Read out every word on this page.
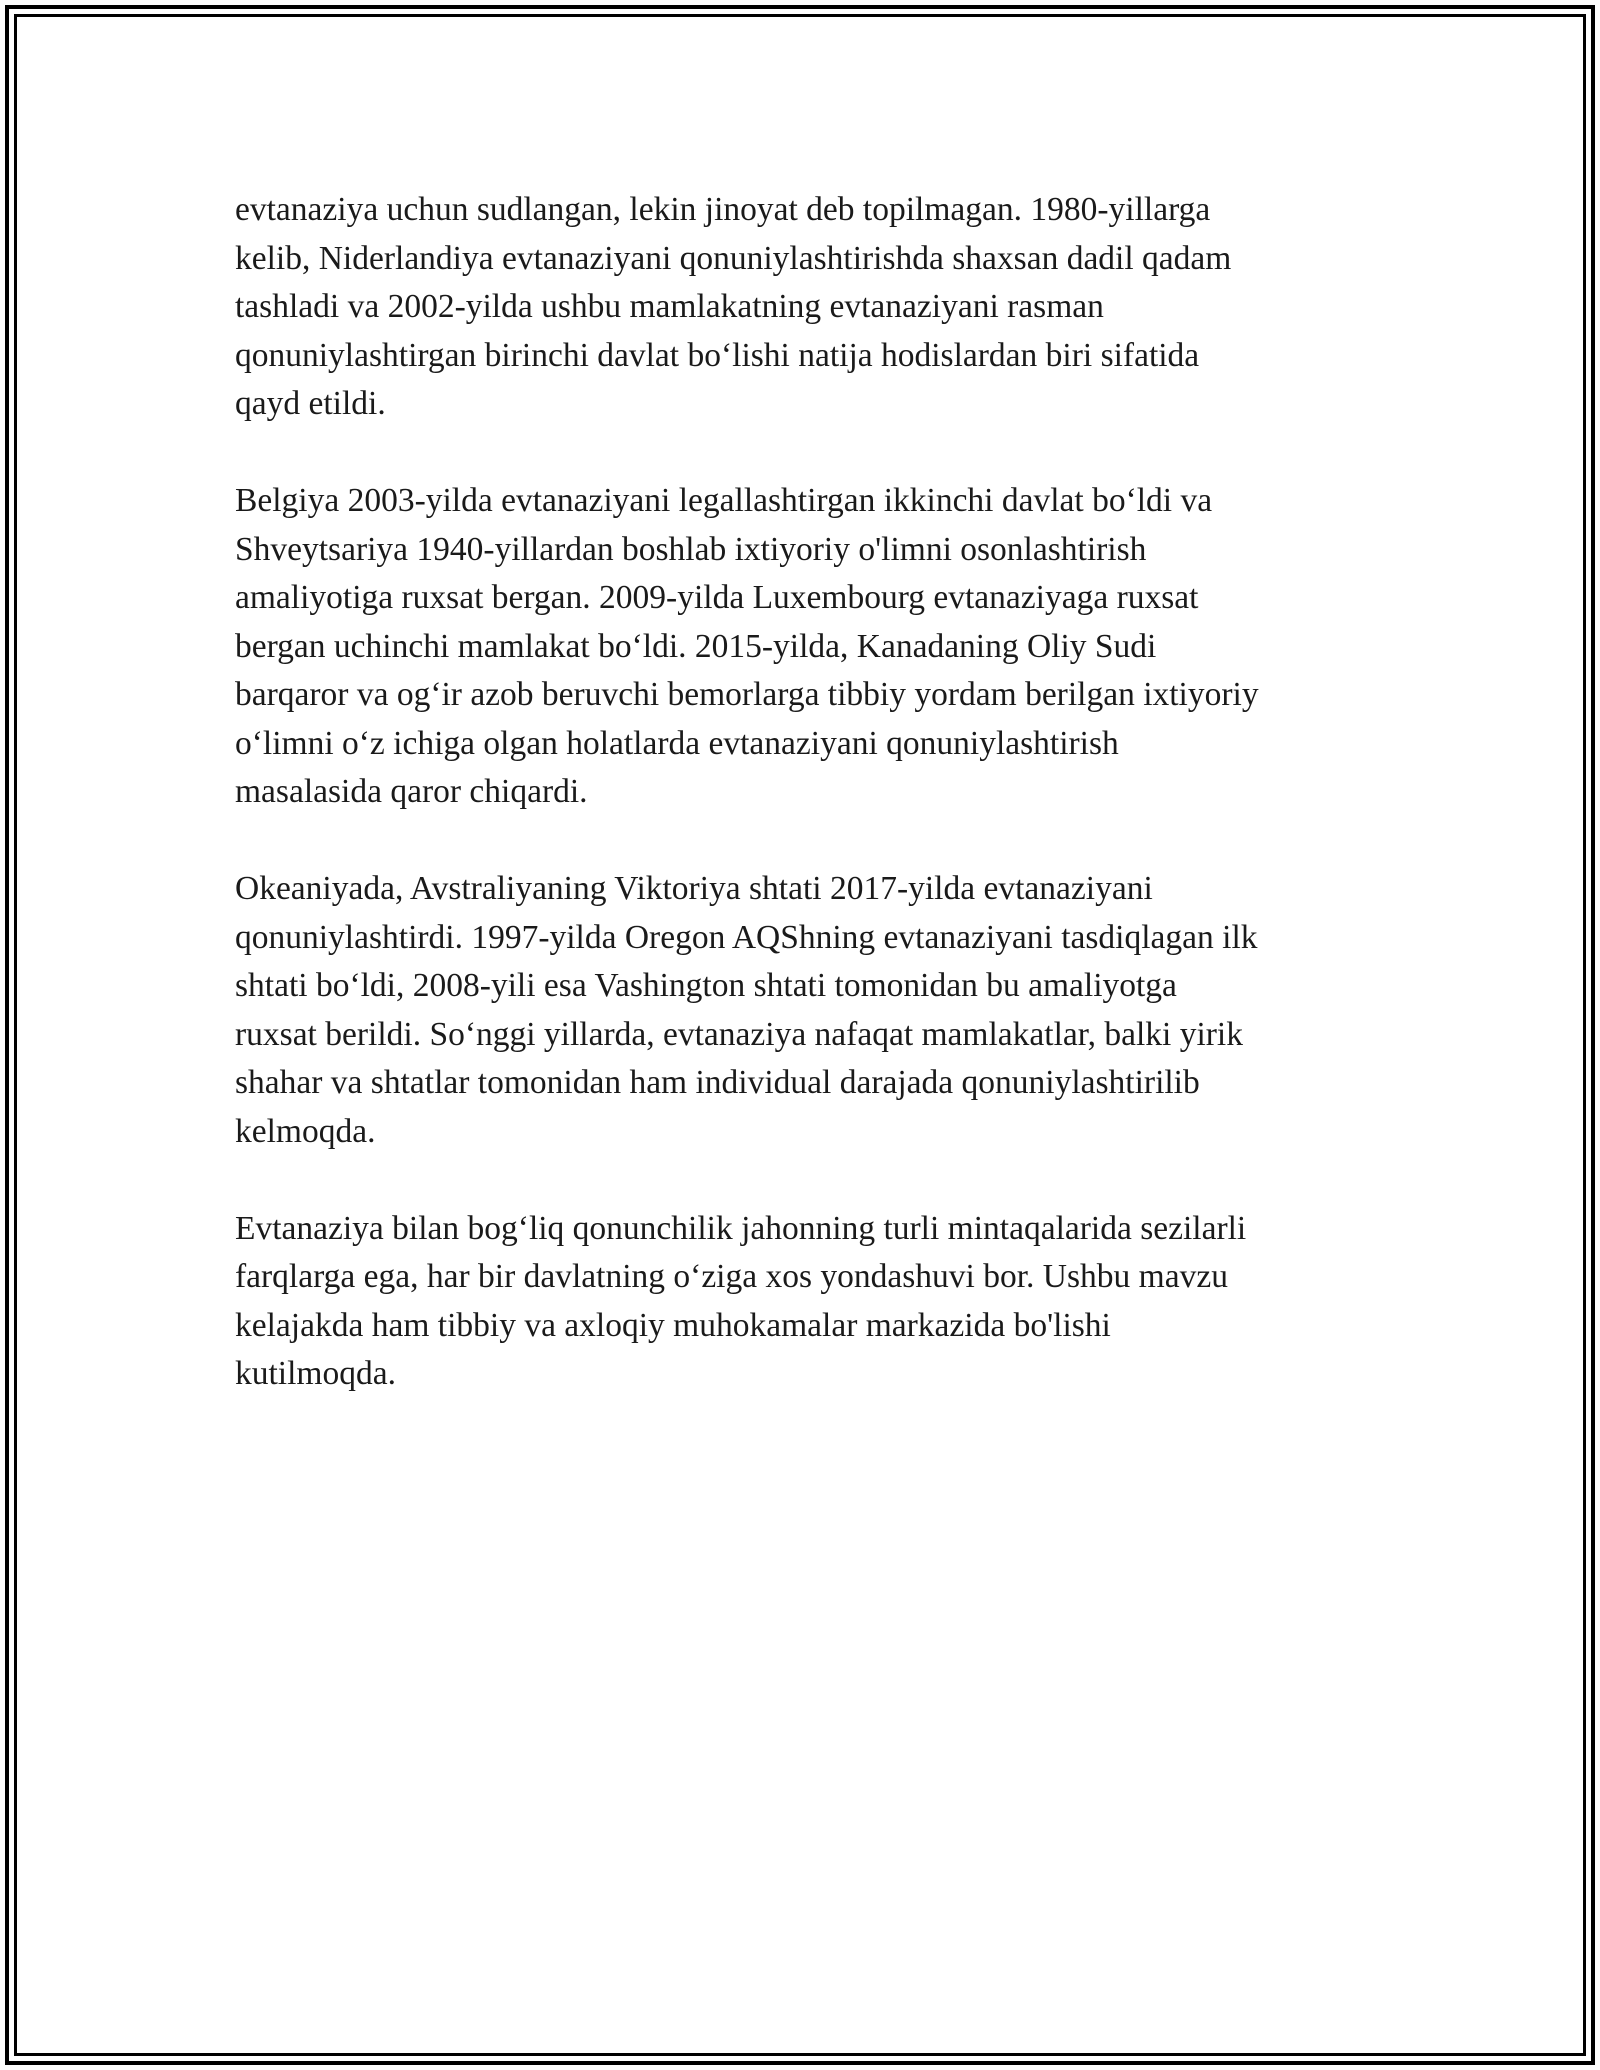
evtanaziya uchun sudlangan, lekin jinoyat deb topilmagan. 1980-yillarga
kelib, Niderlandiya evtanaziyani qonuniylashtirishda shaxsan dadil qadam
tashladi va 2002-yilda ushbu mamlakatning evtanaziyani rasman
qonuniylashtirgan birinchi davlat bo‘lishi natija hodislardan biri sifatida
qayd etildi.

Belgiya 2003-yilda evtanaziyani legallashtirgan ikkinchi davlat bo‘ldi va
Shveytsariya 1940-yillardan boshlab ixtiyoriy o'limni osonlashtirish
amaliyotiga ruxsat bergan. 2009-yilda Luxembourg evtanaziyaga ruxsat
bergan uchinchi mamlakat bo‘ldi. 2015-yilda, Kanadaning Oliy Sudi
barqaror va og‘ir azob beruvchi bemorlarga tibbiy yordam berilgan ixtiyoriy
o‘limni o‘z ichiga olgan holatlarda evtanaziyani qonuniylashtirish
masalasida qaror chiqardi.

Okeaniyada, Avstraliyaning Viktoriya shtati 2017-yilda evtanaziyani
qonuniylashtirdi. 1997-yilda Oregon AQShning evtanaziyani tasdiqlagan ilk
shtati bo‘ldi, 2008-yili esa Vashington shtati tomonidan bu amaliyotga
ruxsat berildi. So‘nggi yillarda, evtanaziya nafaqat mamlakatlar, balki yirik
shahar va shtatlar tomonidan ham individual darajada qonuniylashtirilib
kelmoqda.

Evtanaziya bilan bog‘liq qonunchilik jahonning turli mintaqalarida sezilarli
farqlarga ega, har bir davlatning o‘ziga xos yondashuvi bor. Ushbu mavzu
kelajakda ham tibbiy va axloqiy muhokamalar markazida bo'lishi
kutilmoqda.
